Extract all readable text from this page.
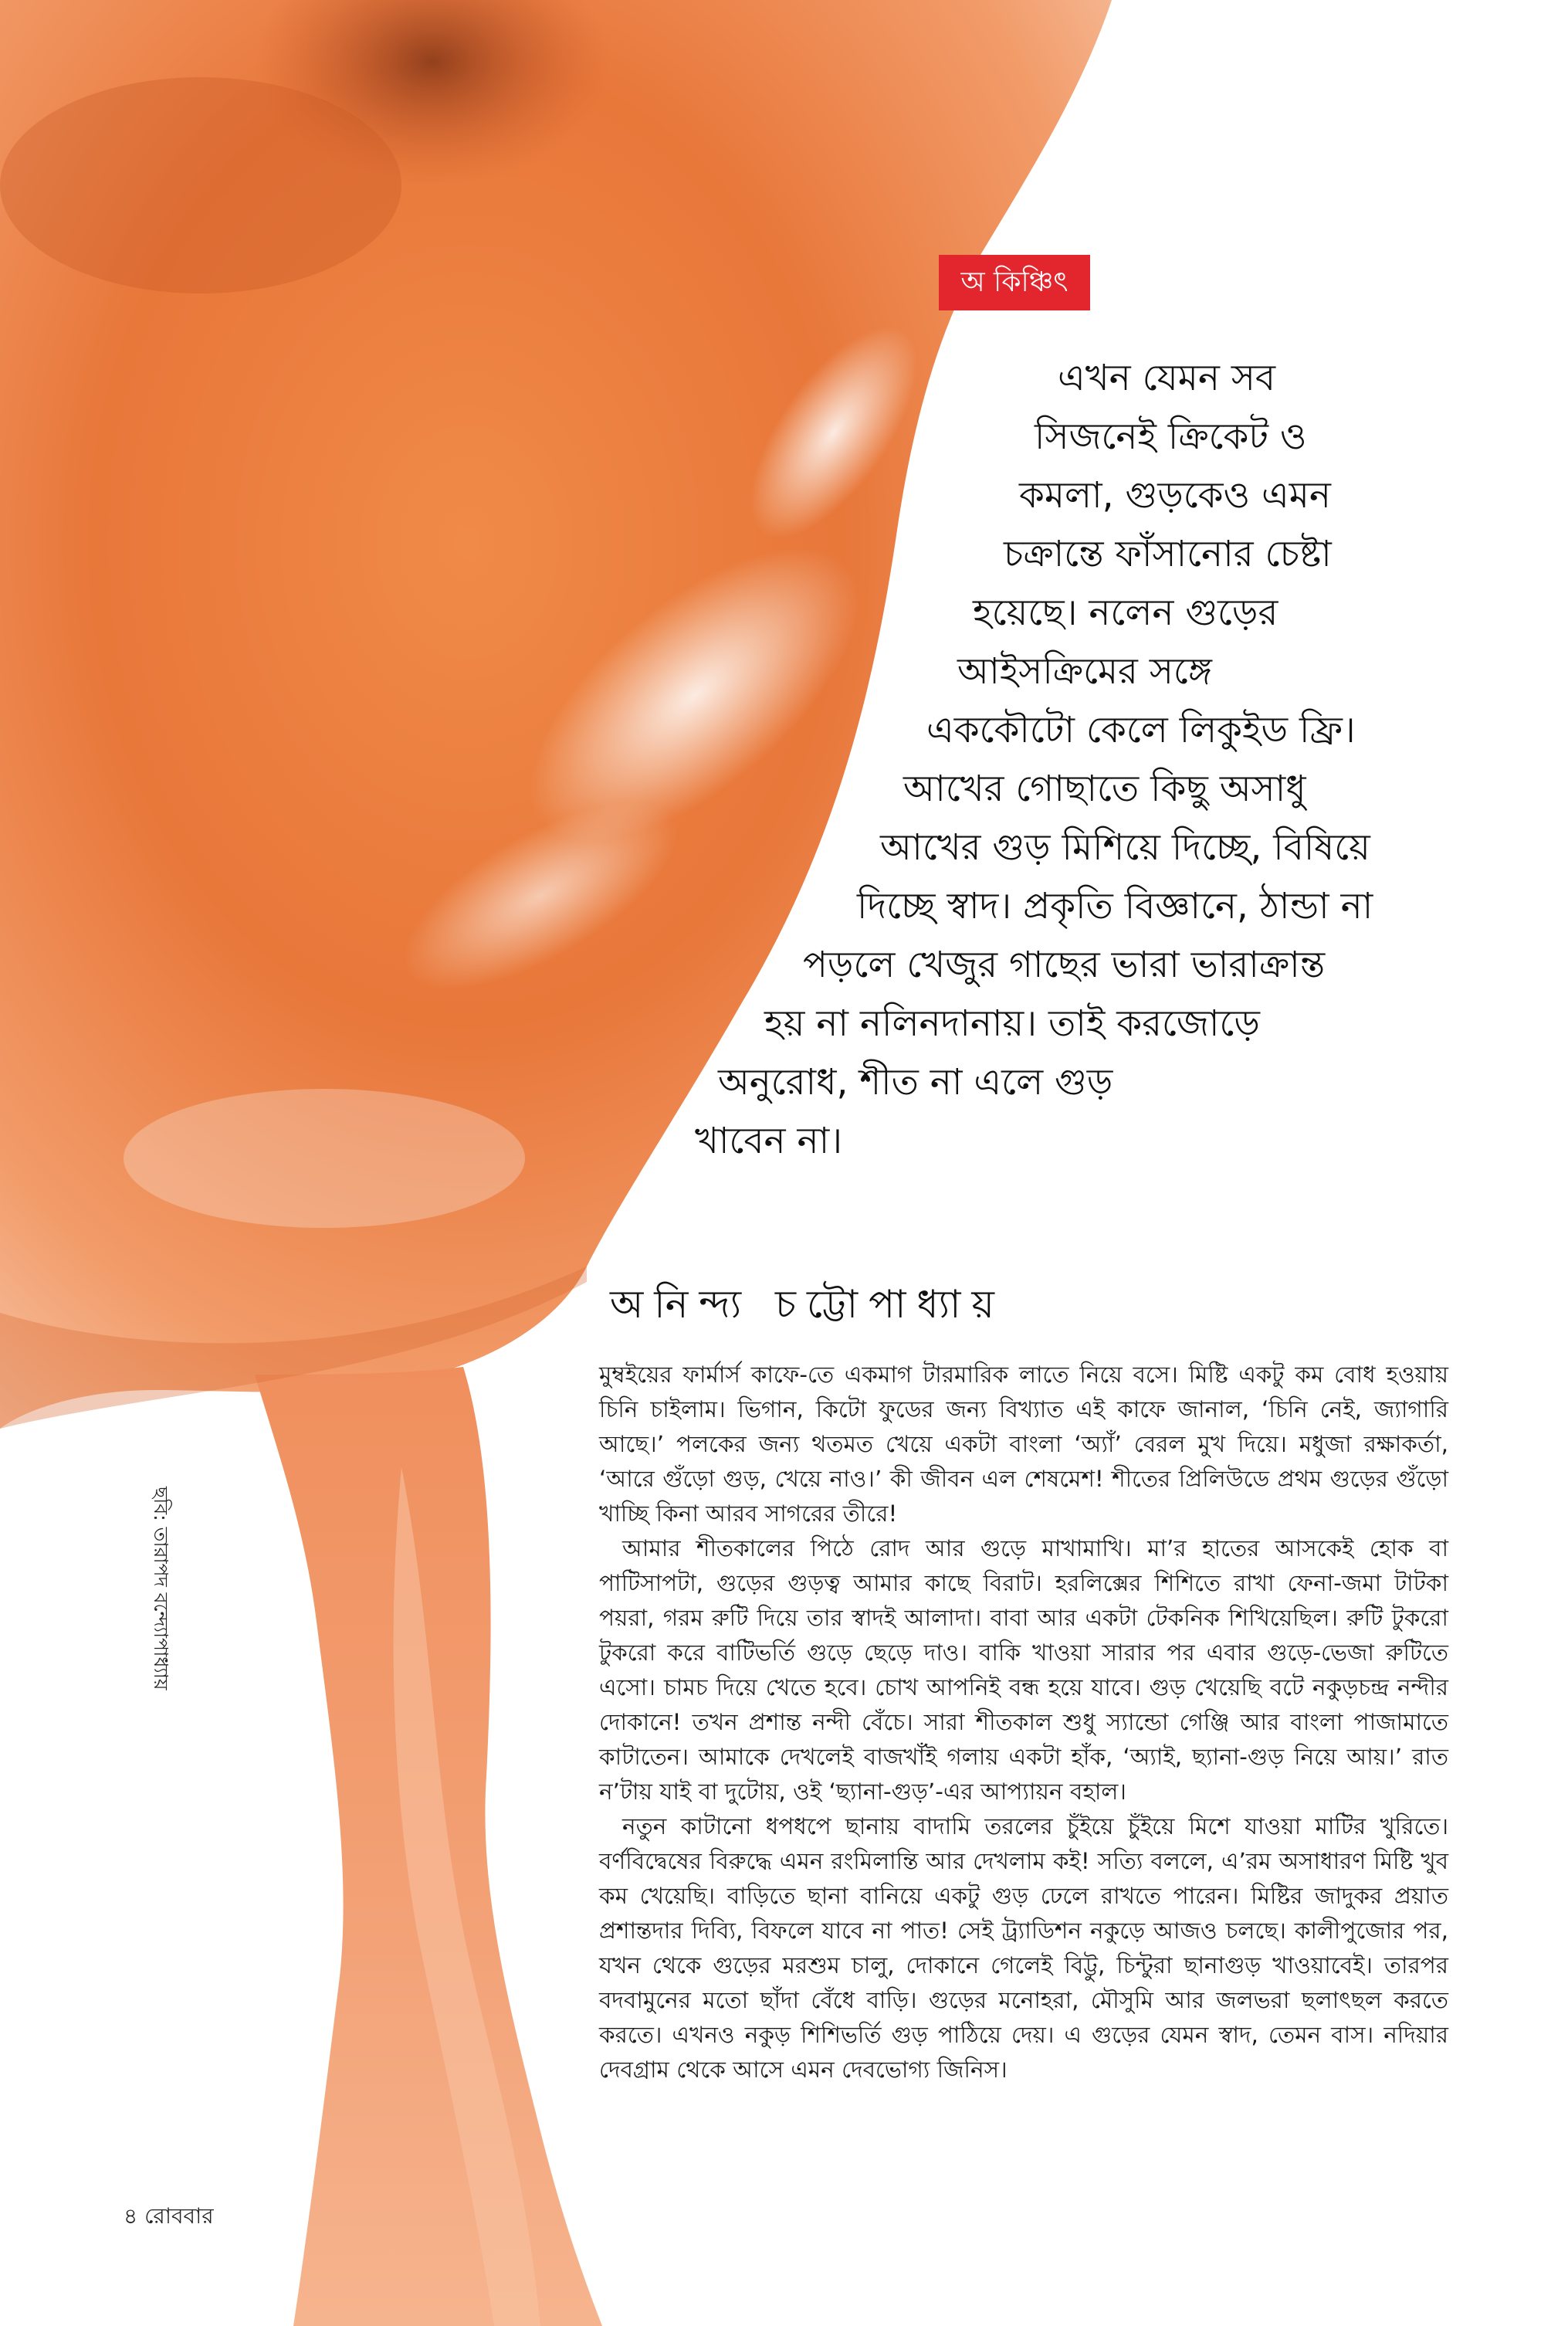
অ কিঞ্চিৎ
এখন যেমন সব
সিজনেই ক্রিকেট ও
কমলা, গুড়কেও এমন
চক্রান্তে ফাঁসানোর চেষ্টা
হয়েছে। নলেন গুড়ের
আইসক্রিমের সঙ্গে
এককৌটো কেলে লিকুইড ফ্রি।
আখের গোছাতে কিছু অসাধু
আখের গুড় মিশিয়ে দিচ্ছে, বিষিয়ে
দিচ্ছে স্বাদ। প্রকৃতি বিজ্ঞানে, ঠান্ডা না
পড়লে খেজুর গাছের ভারা ভারাক্রান্ত
হয় না নলিনদানায়। তাই করজোড়ে
অনুরোধ, শীত না এলে গুড়
খাবেন না।
অনিন্দ্য চট্টোপাধ্যায়

মুম্বইয়ের ফার্মার্স কাফে-তে একমাগ টারমারিক লাতে নিয়ে বসে। মিষ্টি একটু কম বোধ হওয়ায় চিনি চাইলাম। ভিগান, কিটো ফুডের জন্য বিখ্যাত এই কাফে জানাল, ‘চিনি নেই, জ্যাগারি আছে।’ পলকের জন্য থতমত খেয়ে একটা বাংলা ‘অ্যাঁ’ বেরল মুখ দিয়ে। মধুজা রক্ষাকর্তা, ‘আরে গুঁড়ো গুড়, খেয়ে নাও।’ কী জীবন এল শেষমেশ! শীতের প্রিলিউডে প্রথম গুড়ের গুঁড়ো খাচ্ছি কিনা আরব সাগরের তীরে!

আমার শীতকালের পিঠে রোদ আর গুড়ে মাখামাখি। মা’র হাতের আসকেই হোক বা পাটিসাপটা, গুড়ের গুড়ত্ব আমার কাছে বিরাট। হরলিক্সের শিশিতে রাখা ফেনা-জমা টাটকা পয়রা, গরম রুটি দিয়ে তার স্বাদই আলাদা। বাবা আর একটা টেকনিক শিখিয়েছিল। রুটি টুকরো টুকরো করে বাটিভর্তি গুড়ে ছেড়ে দাও। বাকি খাওয়া সারার পর এবার গুড়ে-ভেজা রুটিতে এসো। চামচ দিয়ে খেতে হবে। চোখ আপনিই বন্ধ হয়ে যাবে। গুড় খেয়েছি বটে নকুড়চন্দ্র নন্দীর দোকানে! তখন প্রশান্ত নন্দী বেঁচে। সারা শীতকাল শুধু স্যান্ডো গেঞ্জি আর বাংলা পাজামাতে কাটাতেন। আমাকে দেখলেই বাজখাঁই গলায় একটা হাঁক, ‘অ্যাই, ছ্যানা-গুড় নিয়ে আয়।’ রাত ন’টায় যাই বা দুটোয়, ওই ‘ছ্যানা-গুড়’-এর আপ্যায়ন বহাল।

নতুন কাটানো ধপধপে ছানায় বাদামি তরলের চুঁইয়ে চুঁইয়ে মিশে যাওয়া মাটির খুরিতে। বর্ণবিদ্বেষের বিরুদ্ধে এমন রংমিলান্তি আর দেখলাম কই! সত্যি বললে, এ’রম অসাধারণ মিষ্টি খুব কম খেয়েছি। বাড়িতে ছানা বানিয়ে একটু গুড় ঢেলে রাখতে পারেন। মিষ্টির জাদুকর প্রয়াত প্রশান্তদার দিব্যি, বিফলে যাবে না পাত! সেই ট্র্যাডিশন নকুড়ে আজও চলছে। কালীপুজোর পর, যখন থেকে গুড়ের মরশুম চালু, দোকানে গেলেই বিট্টু, চিন্টুরা ছানাগুড় খাওয়াবেই। তারপর বদবামুনের মতো ছাঁদা বেঁধে বাড়ি। গুড়ের মনোহরা, মৌসুমি আর জলভরা ছলাৎছল করতে করতে। এখনও নকুড় শিশিভর্তি গুড় পাঠিয়ে দেয়। এ গুড়ের যেমন স্বাদ, তেমন বাস। নদিয়ার দেবগ্রাম থেকে আসে এমন দেবভোগ্য জিনিস।

ছবি: তারাপদ বন্দ্যোপাধ্যায়
৪ রোববার
